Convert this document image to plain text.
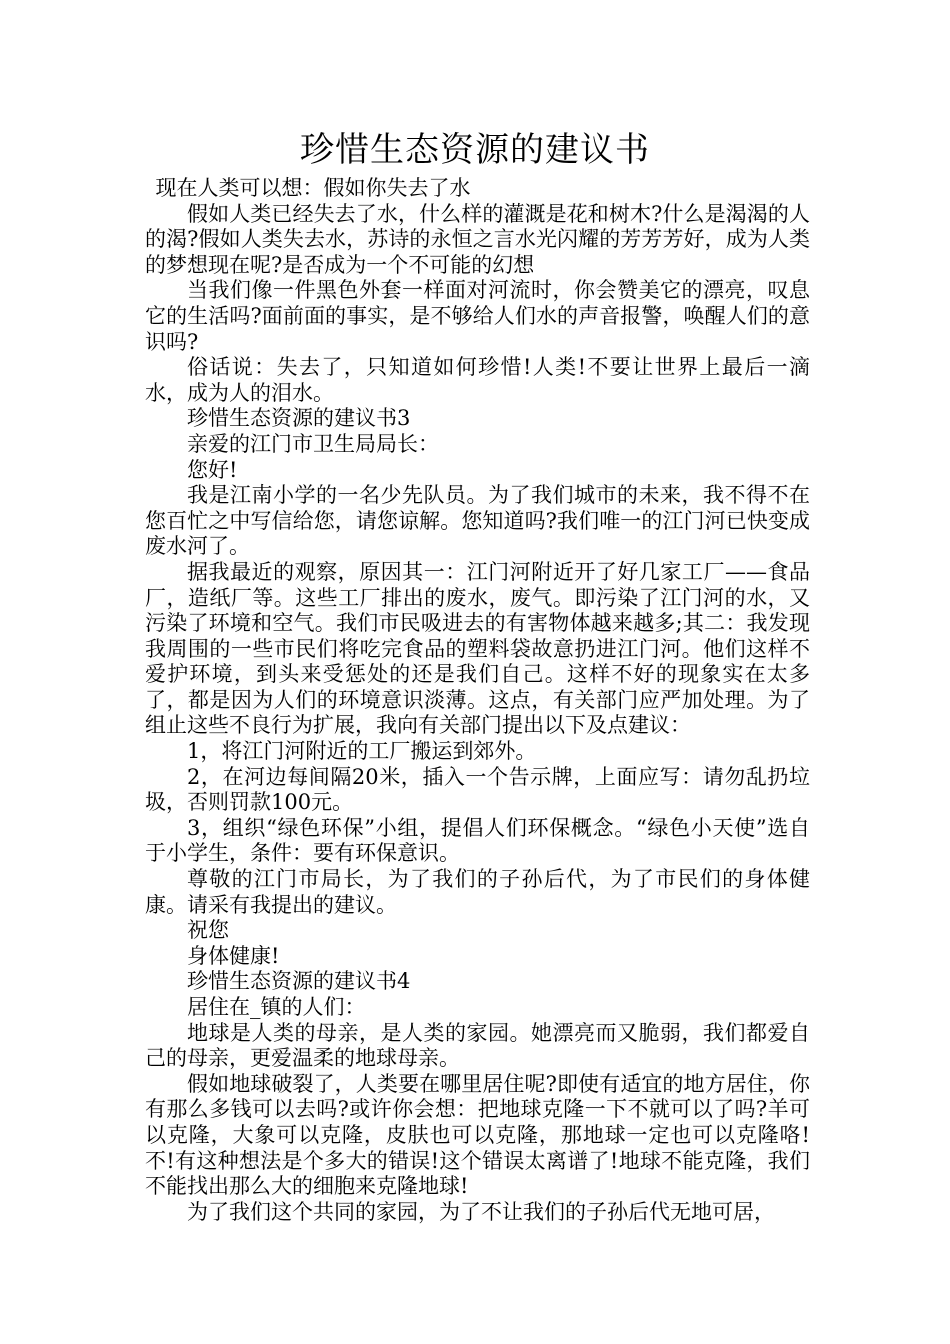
珍惜生态资源的建议书

现在人类可以想：假如你失去了水

假如人类已经失去了水，什么样的灌溉是花和树木?什么是渴渴的人的渴?假如人类失去水，苏诗的永恒之言水光闪耀的芳芳芳好，成为人类的梦想现在呢?是否成为一个不可能的幻想

当我们像一件黑色外套一样面对河流时，你会赞美它的漂亮，叹息它的生活吗?面前面的事实，是不够给人们水的声音报警，唤醒人们的意识吗?

俗话说：失去了，只知道如何珍惜!人类!不要让世界上最后一滴水，成为人的泪水。

珍惜生态资源的建议书3

亲爱的江门市卫生局局长：

您好!

我是江南小学的一名少先队员。为了我们城市的未来，我不得不在您百忙之中写信给您，请您谅解。您知道吗?我们唯一的江门河已快变成废水河了。

据我最近的观察，原因其一：江门河附近开了好几家工厂——食品厂，造纸厂等。这些工厂排出的废水，废气。即污染了江门河的水，又污染了环境和空气。我们市民吸进去的有害物体越来越多;其二：我发现我周围的一些市民们将吃完食品的塑料袋故意扔进江门河。他们这样不爱护环境，到头来受惩处的还是我们自己。这样不好的现象实在太多了，都是因为人们的环境意识淡薄。这点，有关部门应严加处理。为了组止这些不良行为扩展，我向有关部门提出以下及点建议：

1，将江门河附近的工厂搬运到郊外。

2，在河边每间隔20米，插入一个告示牌，上面应写：请勿乱扔垃圾，否则罚款100元。

3，组织“绿色环保”小组，提倡人们环保概念。“绿色小天使”选自于小学生，条件：要有环保意识。

尊敬的江门市局长，为了我们的子孙后代，为了市民们的身体健康。请采有我提出的建议。

祝您

身体健康!

珍惜生态资源的建议书4

居住在_镇的人们：

地球是人类的母亲，是人类的家园。她漂亮而又脆弱，我们都爱自己的母亲，更爱温柔的地球母亲。

假如地球破裂了，人类要在哪里居住呢?即使有适宜的地方居住，你有那么多钱可以去吗?或许你会想：把地球克隆一下不就可以了吗?羊可以克隆，大象可以克隆，皮肤也可以克隆，那地球一定也可以克隆咯!不!有这种想法是个多大的错误!这个错误太离谱了!地球不能克隆，我们不能找出那么大的细胞来克隆地球!

为了我们这个共同的家园，为了不让我们的子孙后代无地可居，
